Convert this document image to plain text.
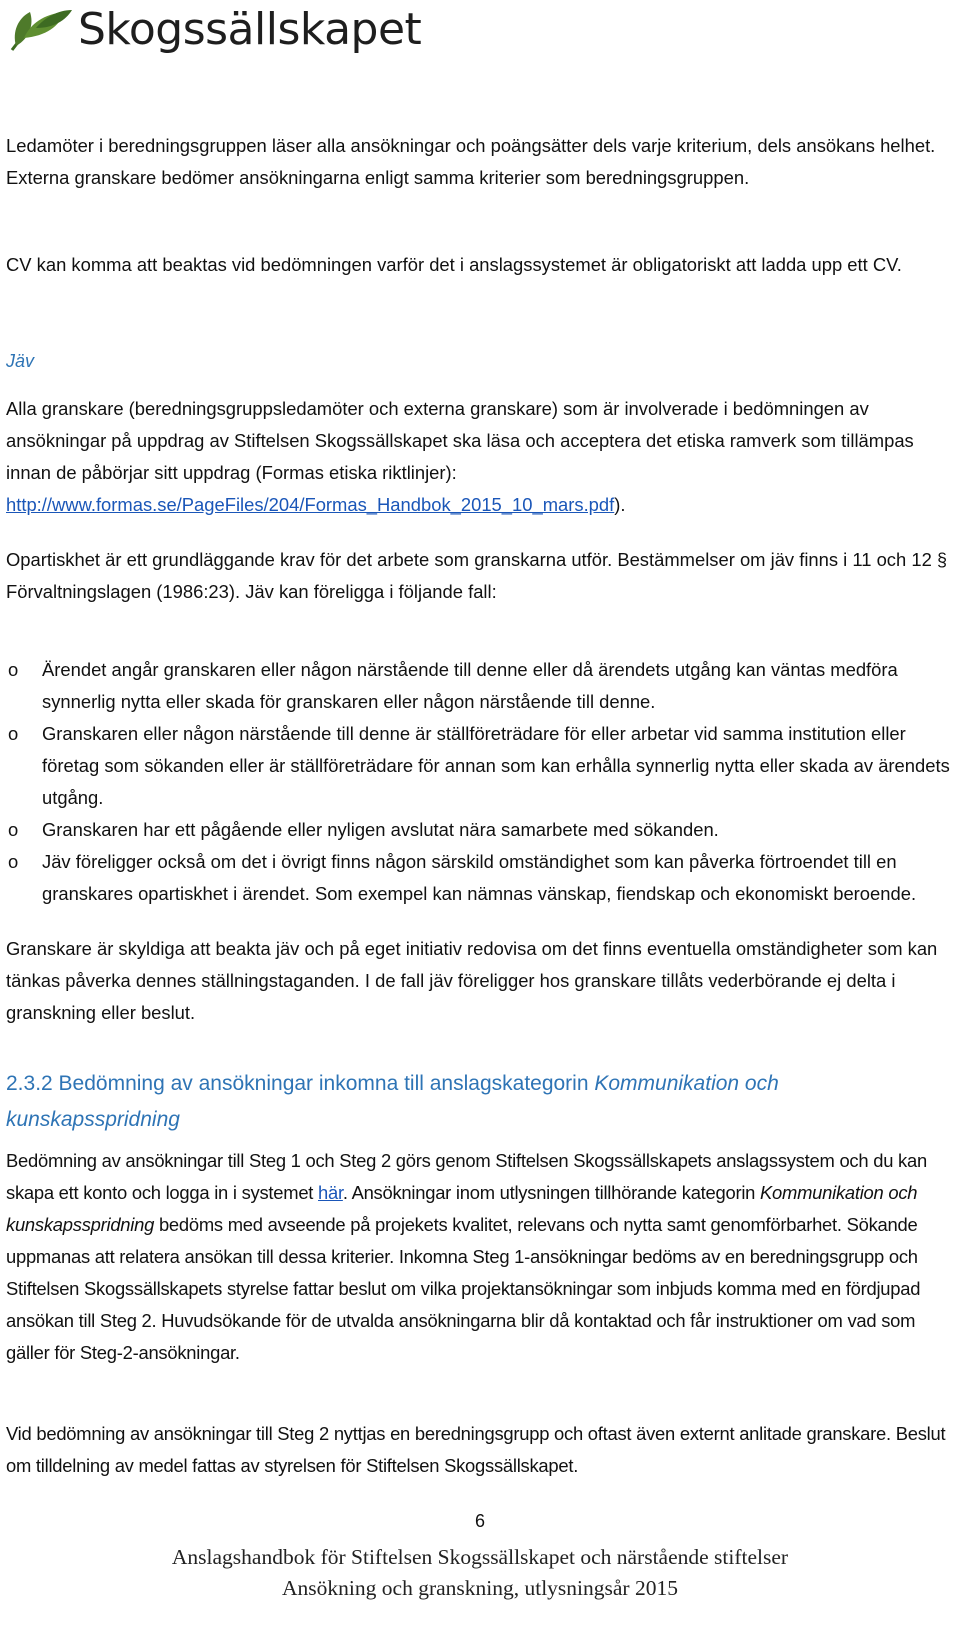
Skogssällskapet

Ledamöter i beredningsgruppen läser alla ansökningar och poängsätter dels varje kriterium, dels ansökans helhet. Externa granskare bedömer ansökningarna enligt samma kriterier som beredningsgruppen.

CV kan komma att beaktas vid bedömningen varför det i anslagssystemet är obligatoriskt att ladda upp ett CV.

Jäv

Alla granskare (beredningsgruppsledamöter och externa granskare) som är involverade i bedömningen av ansökningar på uppdrag av Stiftelsen Skogssällskapet ska läsa och acceptera det etiska ramverk som tillämpas innan de påbörjar sitt uppdrag (Formas etiska riktlinjer): http://www.formas.se/PageFiles/204/Formas_Handbok_2015_10_mars.pdf).

Opartiskhet är ett grundläggande krav för det arbete som granskarna utför. Bestämmelser om jäv finns i 11 och 12 § Förvaltningslagen (1986:23). Jäv kan föreligga i följande fall:

o Ärendet angår granskaren eller någon närstående till denne eller då ärendets utgång kan väntas medföra synnerlig nytta eller skada för granskaren eller någon närstående till denne.
o Granskaren eller någon närstående till denne är ställföreträdare för eller arbetar vid samma institution eller företag som sökanden eller är ställföreträdare för annan som kan erhålla synnerlig nytta eller skada av ärendets utgång.
o Granskaren har ett pågående eller nyligen avslutat nära samarbete med sökanden.
o Jäv föreligger också om det i övrigt finns någon särskild omständighet som kan påverka förtroendet till en granskares opartiskhet i ärendet. Som exempel kan nämnas vänskap, fiendskap och ekonomiskt beroende.

Granskare är skyldiga att beakta jäv och på eget initiativ redovisa om det finns eventuella omständigheter som kan tänkas påverka dennes ställningstaganden. I de fall jäv föreligger hos granskare tillåts vederbörande ej delta i granskning eller beslut.

2.3.2 Bedömning av ansökningar inkomna till anslagskategorin Kommunikation och kunskapsspridning

Bedömning av ansökningar till Steg 1 och Steg 2 görs genom Stiftelsen Skogssällskapets anslagssystem och du kan skapa ett konto och logga in i systemet här. Ansökningar inom utlysningen tillhörande kategorin Kommunikation och kunskapsspridning bedöms med avseende på projekets kvalitet, relevans och nytta samt genomförbarhet. Sökande uppmanas att relatera ansökan till dessa kriterier. Inkomna Steg 1-ansökningar bedöms av en beredningsgrupp och Stiftelsen Skogssällskapets styrelse fattar beslut om vilka projektansökningar som inbjuds komma med en fördjupad ansökan till Steg 2. Huvudsökande för de utvalda ansökningarna blir då kontaktad och får instruktioner om vad som gäller för Steg-2-ansökningar.

Vid bedömning av ansökningar till Steg 2 nyttjas en beredningsgrupp och oftast även externt anlitade granskare. Beslut om tilldelning av medel fattas av styrelsen för Stiftelsen Skogssällskapet.

6
Anslagshandbok för Stiftelsen Skogssällskapet och närstående stiftelser
Ansökning och granskning, utlysningsår 2015
